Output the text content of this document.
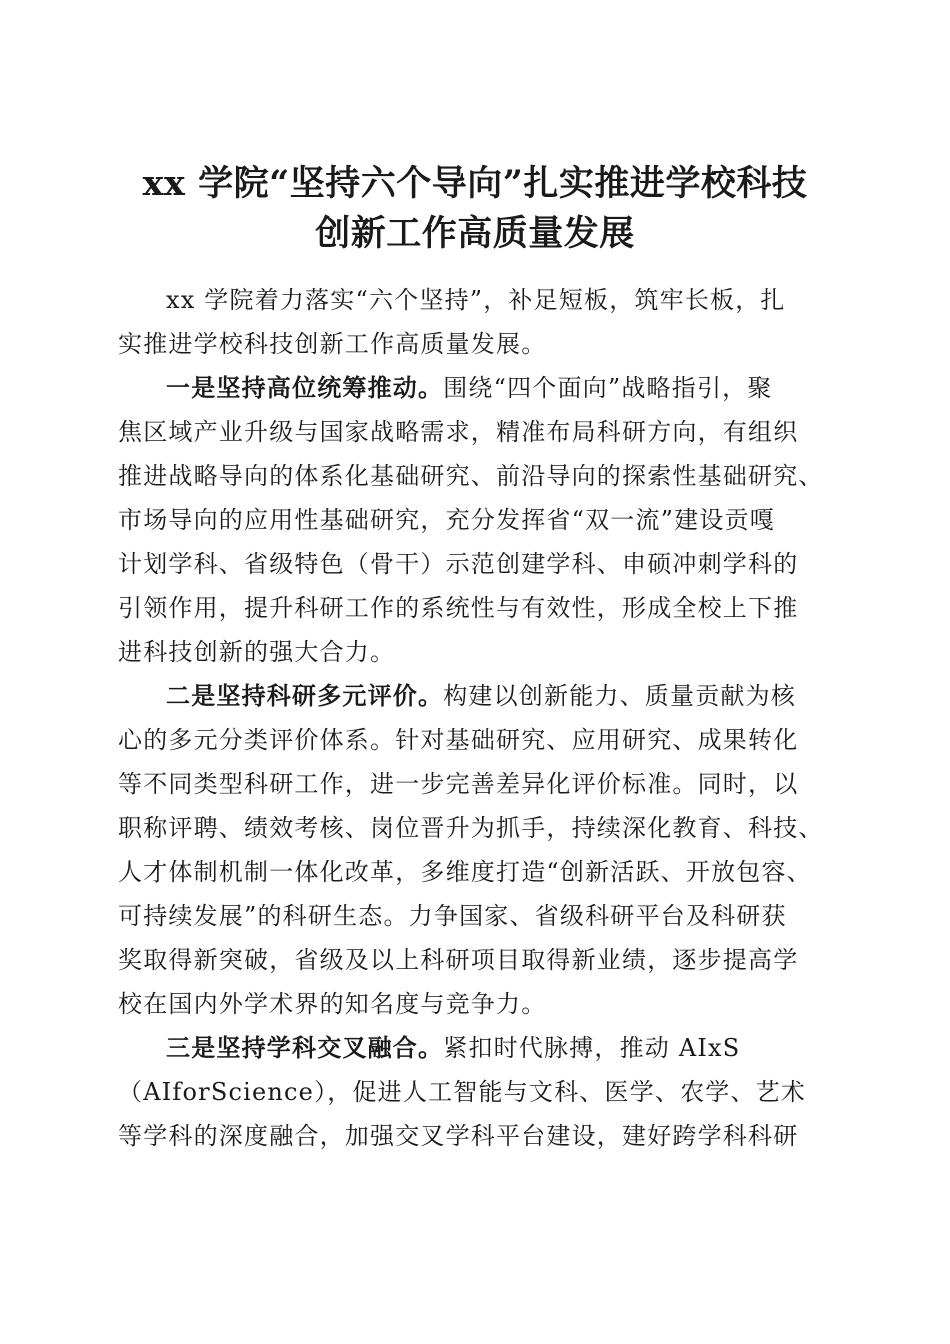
xx 学院“坚持六个导向”扎实推进学校科技
创新工作高质量发展

xx 学院着力落实“六个坚持”，补足短板，筑牢长板，扎
实推进学校科技创新工作高质量发展。

一是坚持高位统筹推动。围绕“四个面向”战略指引，聚
焦区域产业升级与国家战略需求，精准布局科研方向，有组织
推进战略导向的体系化基础研究、前沿导向的探索性基础研究、
市场导向的应用性基础研究，充分发挥省“双一流”建设贡嘎
计划学科、省级特色（骨干）示范创建学科、申硕冲刺学科的
引领作用，提升科研工作的系统性与有效性，形成全校上下推
进科技创新的强大合力。

二是坚持科研多元评价。构建以创新能力、质量贡献为核
心的多元分类评价体系。针对基础研究、应用研究、成果转化
等不同类型科研工作，进一步完善差异化评价标准。同时，以
职称评聘、绩效考核、岗位晋升为抓手，持续深化教育、科技、
人才体制机制一体化改革，多维度打造“创新活跃、开放包容、
可持续发展”的科研生态。力争国家、省级科研平台及科研获
奖取得新突破，省级及以上科研项目取得新业绩，逐步提高学
校在国内外学术界的知名度与竞争力。

三是坚持学科交叉融合。紧扣时代脉搏，推动 AIxS
（AIforScience），促进人工智能与文科、医学、农学、艺术
等学科的深度融合，加强交叉学科平台建设，建好跨学科科研
